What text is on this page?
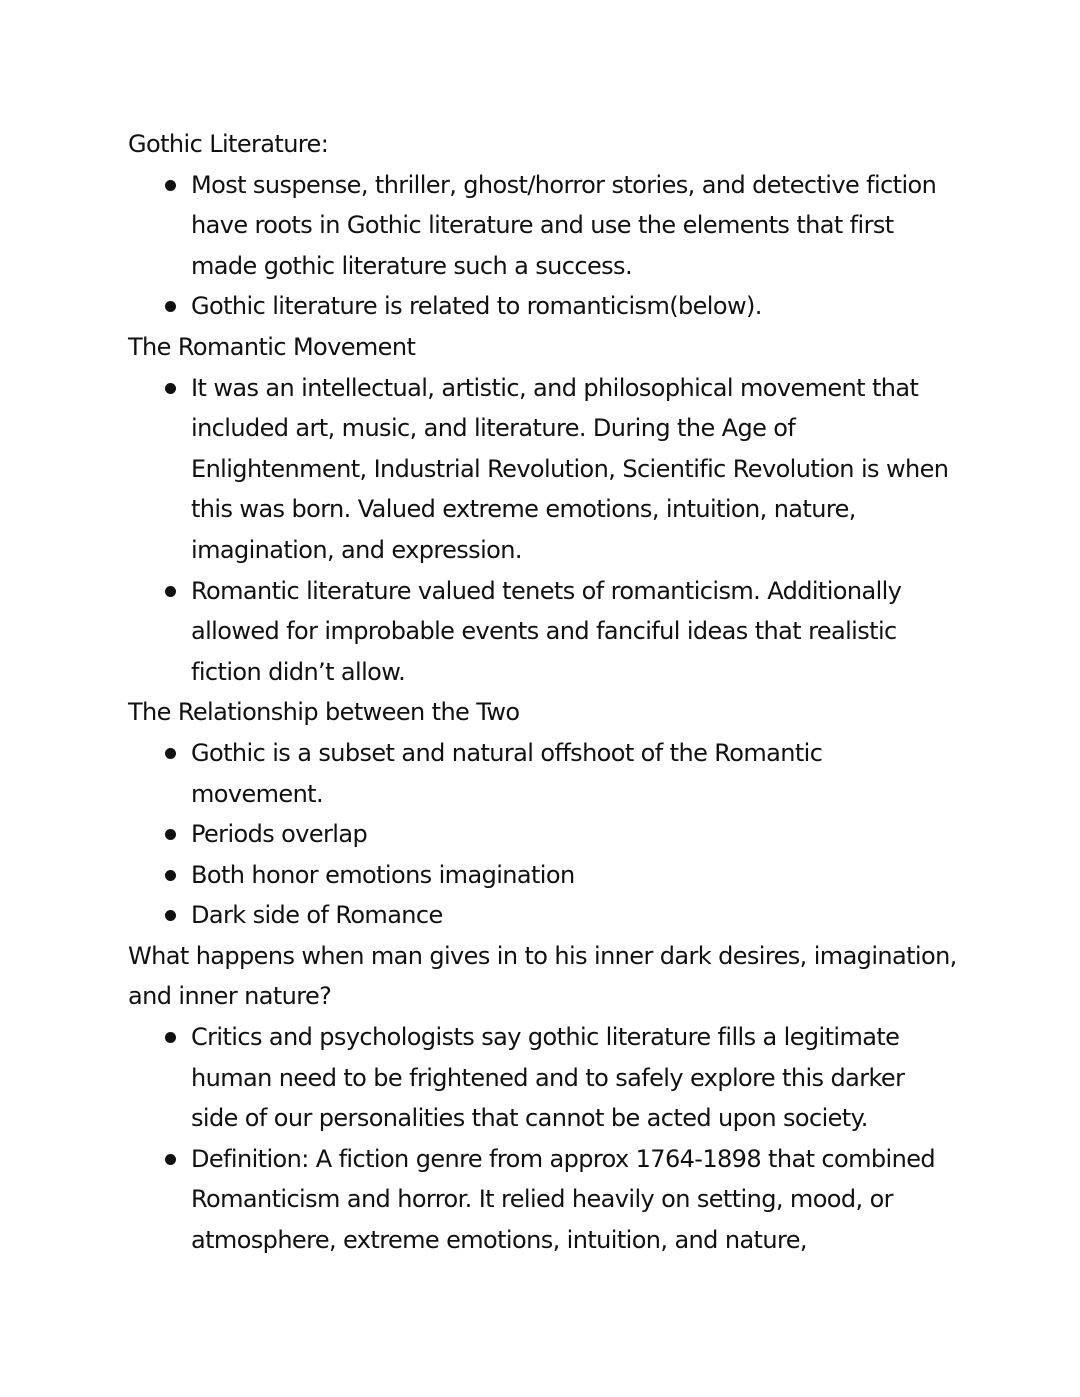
Gothic Literature:

Most suspense, thriller, ghost/horror stories, and detective fiction have roots in Gothic literature and use the elements that first made gothic literature such a success.
Gothic literature is related to romanticism(below).

The Romantic Movement

It was an intellectual, artistic, and philosophical movement that included art, music, and literature. During the Age of Enlightenment, Industrial Revolution, Scientific Revolution is when this was born. Valued extreme emotions, intuition, nature, imagination, and expression.
Romantic literature valued tenets of romanticism. Additionally allowed for improbable events and fanciful ideas that realistic fiction didn’t allow.

The Relationship between the Two

Gothic is a subset and natural offshoot of the Romantic movement.
Periods overlap
Both honor emotions imagination
Dark side of Romance

What happens when man gives in to his inner dark desires, imagination, and inner nature?

Critics and psychologists say gothic literature fills a legitimate human need to be frightened and to safely explore this darker side of our personalities that cannot be acted upon society.
Definition: A fiction genre from approx 1764-1898 that combined Romanticism and horror. It relied heavily on setting, mood, or atmosphere, extreme emotions, intuition, and nature,
